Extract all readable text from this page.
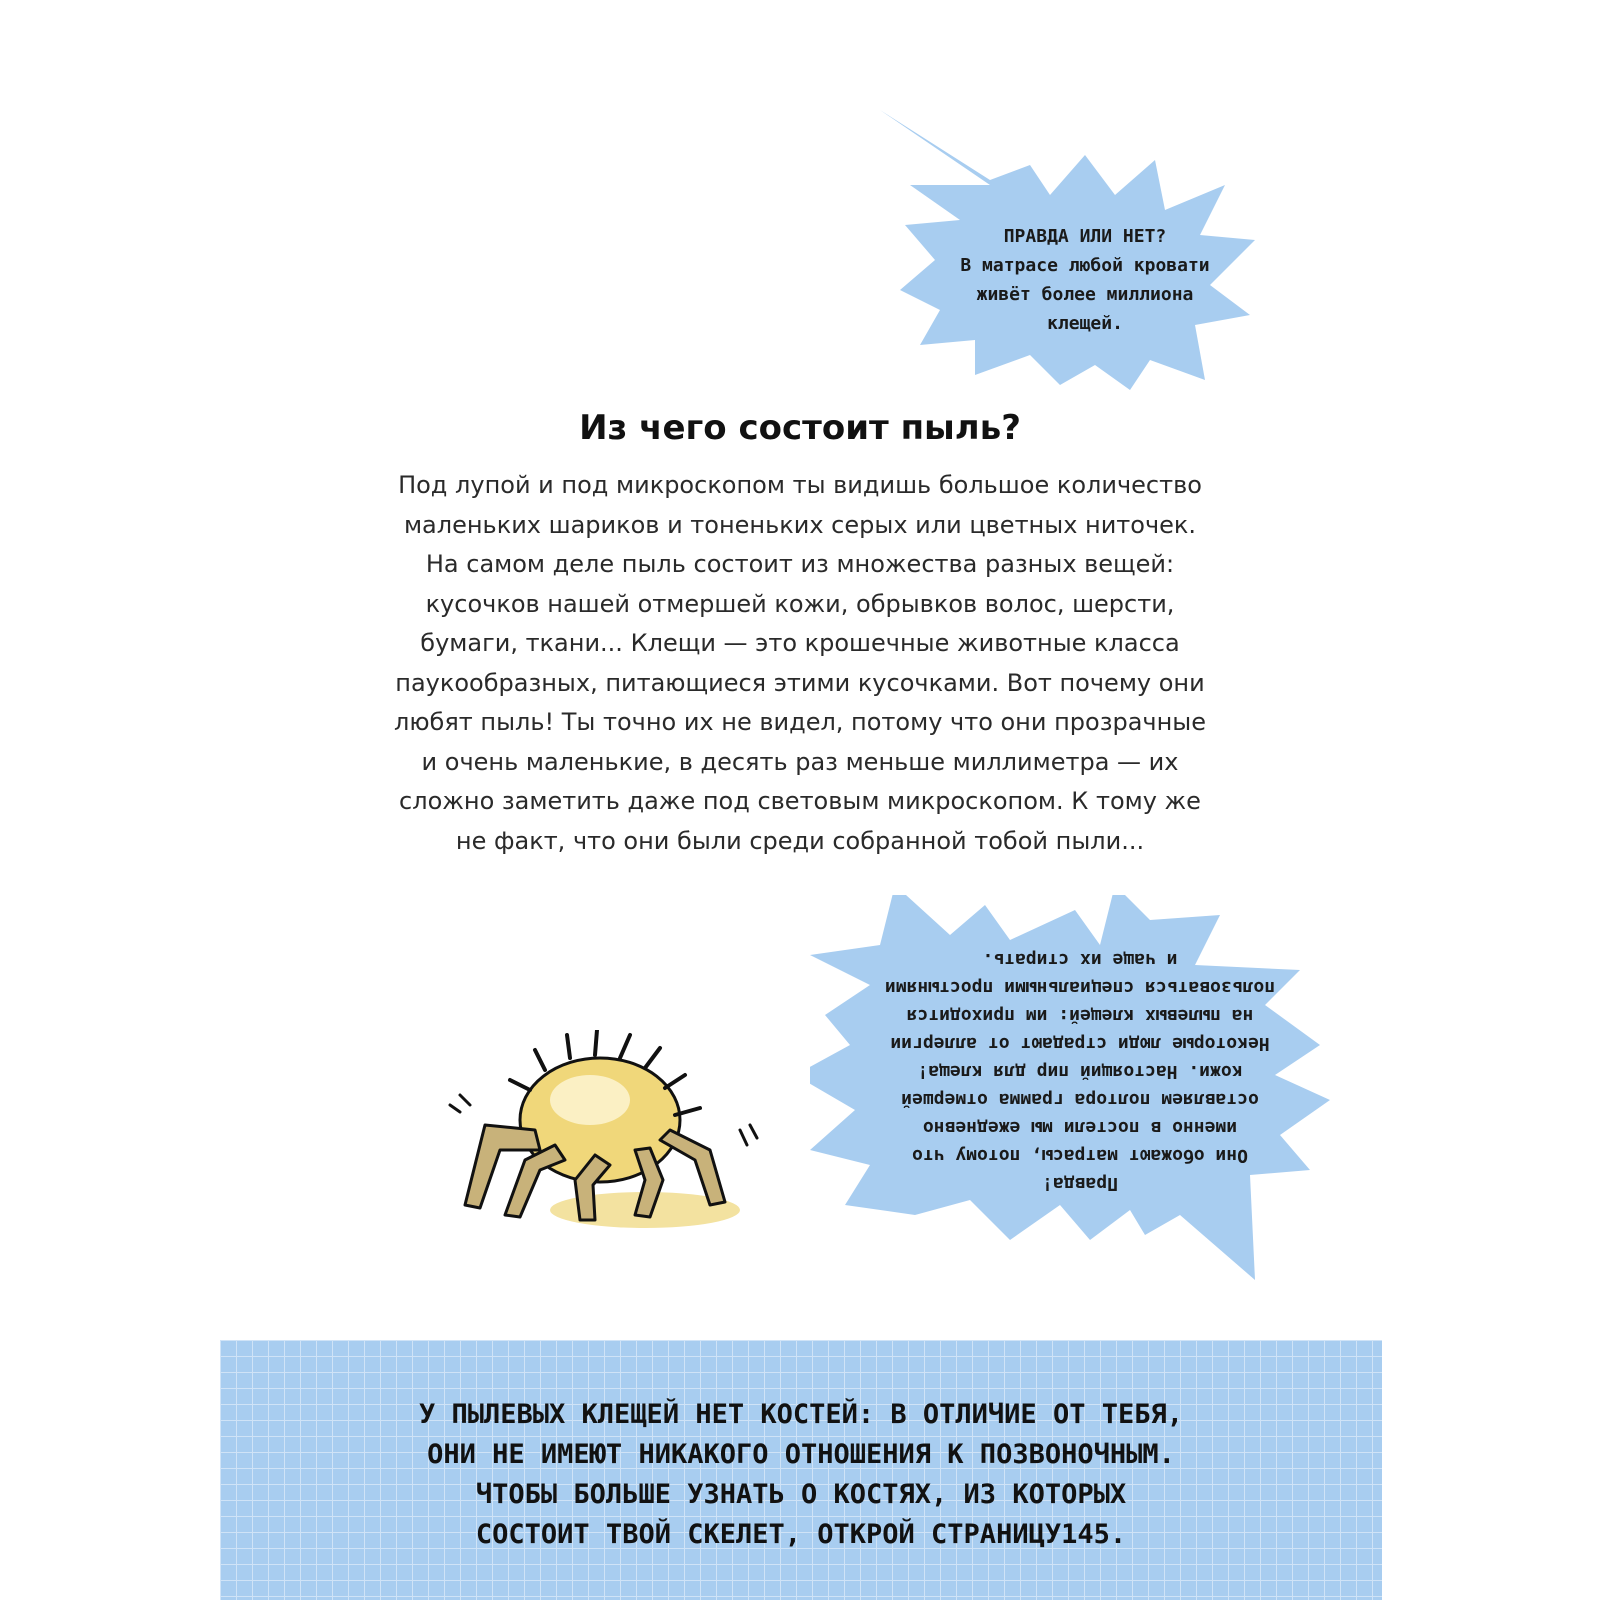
ПРАВДА ИЛИ НЕТ?
В матрасе любой кровати
живёт более миллиона
клещей.
Из чего состоит пыль?
Под лупой и под микроскопом ты видишь большое количество
маленьких шариков и тоненьких серых или цветных ниточек.
На самом деле пыль состоит из множества разных вещей:
кусочков нашей отмершей кожи, обрывков волос, шерсти,
бумаги, ткани... Клещи — это крошечные животные класса
паукообразных, питающиеся этими кусочками. Вот почему они
любят пыль! Ты точно их не видел, потому что они прозрачные
и очень маленькие, в десять раз меньше миллиметра — их
сложно заметить даже под световым микроскопом. К тому же
не факт, что они были среди собранной тобой пыли...
Правда!
Они обожают матрасы, потому что
именно в постели мы ежедневно
оставляем полтора грамма отмершей
кожи. Настоящий пир для клеща!
Некоторые люди страдают от аллергии
на пылевых клещей: им приходится
пользоваться специальными простынями
и чаще их стирать.
У ПЫЛЕВЫХ КЛЕЩЕЙ НЕТ КОСТЕЙ: В ОТЛИЧИЕ ОТ ТЕБЯ,
ОНИ НЕ ИМЕЮТ НИКАКОГО ОТНОШЕНИЯ К ПОЗВОНОЧНЫМ.
ЧТОБЫ БОЛЬШЕ УЗНАТЬ О КОСТЯХ, ИЗ КОТОРЫХ
СОСТОИТ ТВОЙ СКЕЛЕТ, ОТКРОЙ СТРАНИЦУ145.
